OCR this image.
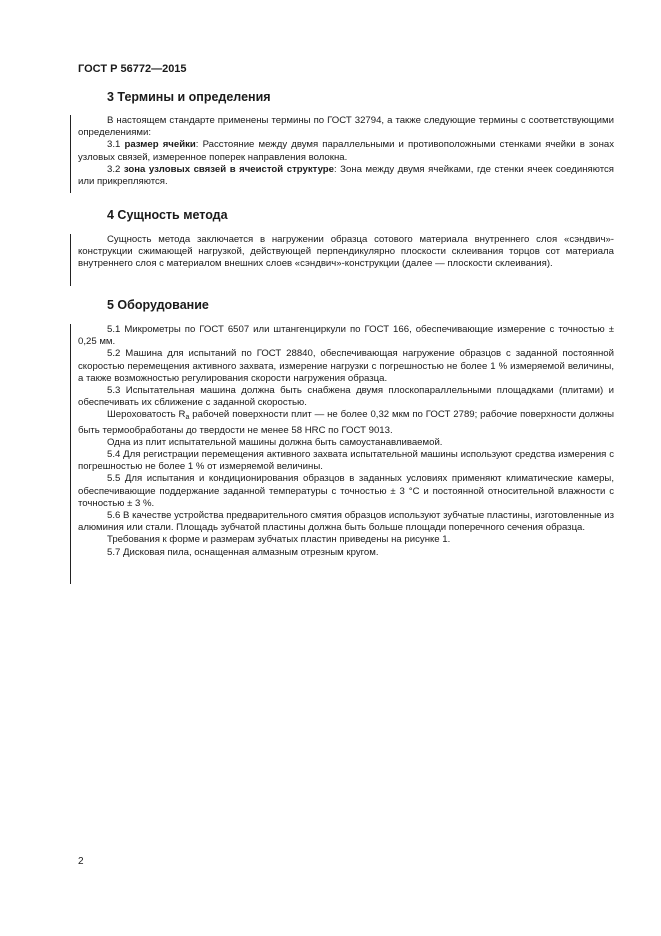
ГОСТ Р 56772—2015
3 Термины и определения

В настоящем стандарте применены термины по ГОСТ 32794, а также следующие термины с соответствующими определениями:

3.1 размер ячейки: Расстояние между двумя параллельными и противоположными стенками ячейки в зонах узловых связей, измеренное поперек направления волокна.

3.2 зона узловых связей в ячеистой структуре: Зона между двумя ячейками, где стенки ячеек соединяются или прикрепляются.

4 Сущность метода

Сущность метода заключается в нагружении образца сотового материала внутреннего слоя «сэндвич»-конструкции сжимающей нагрузкой, действующей перпендикулярно плоскости склеивания торцов сот материала внутреннего слоя с материалом внешних слоев «сэндвич»-конструкции (далее — плоскости склеивания).

5 Оборудование

5.1 Микрометры по ГОСТ 6507 или штангенциркули по ГОСТ 166, обеспечивающие измерение с точностью ± 0,25 мм.

5.2 Машина для испытаний по ГОСТ 28840, обеспечивающая нагружение образцов с заданной постоянной скоростью перемещения активного захвата, измерение нагрузки с погрешностью не более 1 % измеряемой величины, а также возможностью регулирования скорости нагружения образца.

5.3 Испытательная машина должна быть снабжена двумя плоскопараллельными площадками (плитами) и обеспечивать их сближение с заданной скоростью.

Шероховатость $R_a$ рабочей поверхности плит — не более 0,32 мкм по ГОСТ 2789; рабочие поверхности должны быть термообработаны до твердости не менее 58 HRC по ГОСТ 9013.

Одна из плит испытательной машины должна быть самоустанавливаемой.

5.4 Для регистрации перемещения активного захвата испытательной машины используют средства измерения с погрешностью не более 1 % от измеряемой величины.

5.5 Для испытания и кондиционирования образцов в заданных условиях применяют климатические камеры, обеспечивающие поддержание заданной температуры с точностью ± 3 °С и постоянной относительной влажности с точностью ± 3 %.

5.6 В качестве устройства предварительного смятия образцов используют зубчатые пластины, изготовленные из алюминия или стали. Площадь зубчатой пластины должна быть больше площади поперечного сечения образца.

Требования к форме и размерам зубчатых пластин приведены на рисунке 1.

5.7 Дисковая пила, оснащенная алмазным отрезным кругом.

2
